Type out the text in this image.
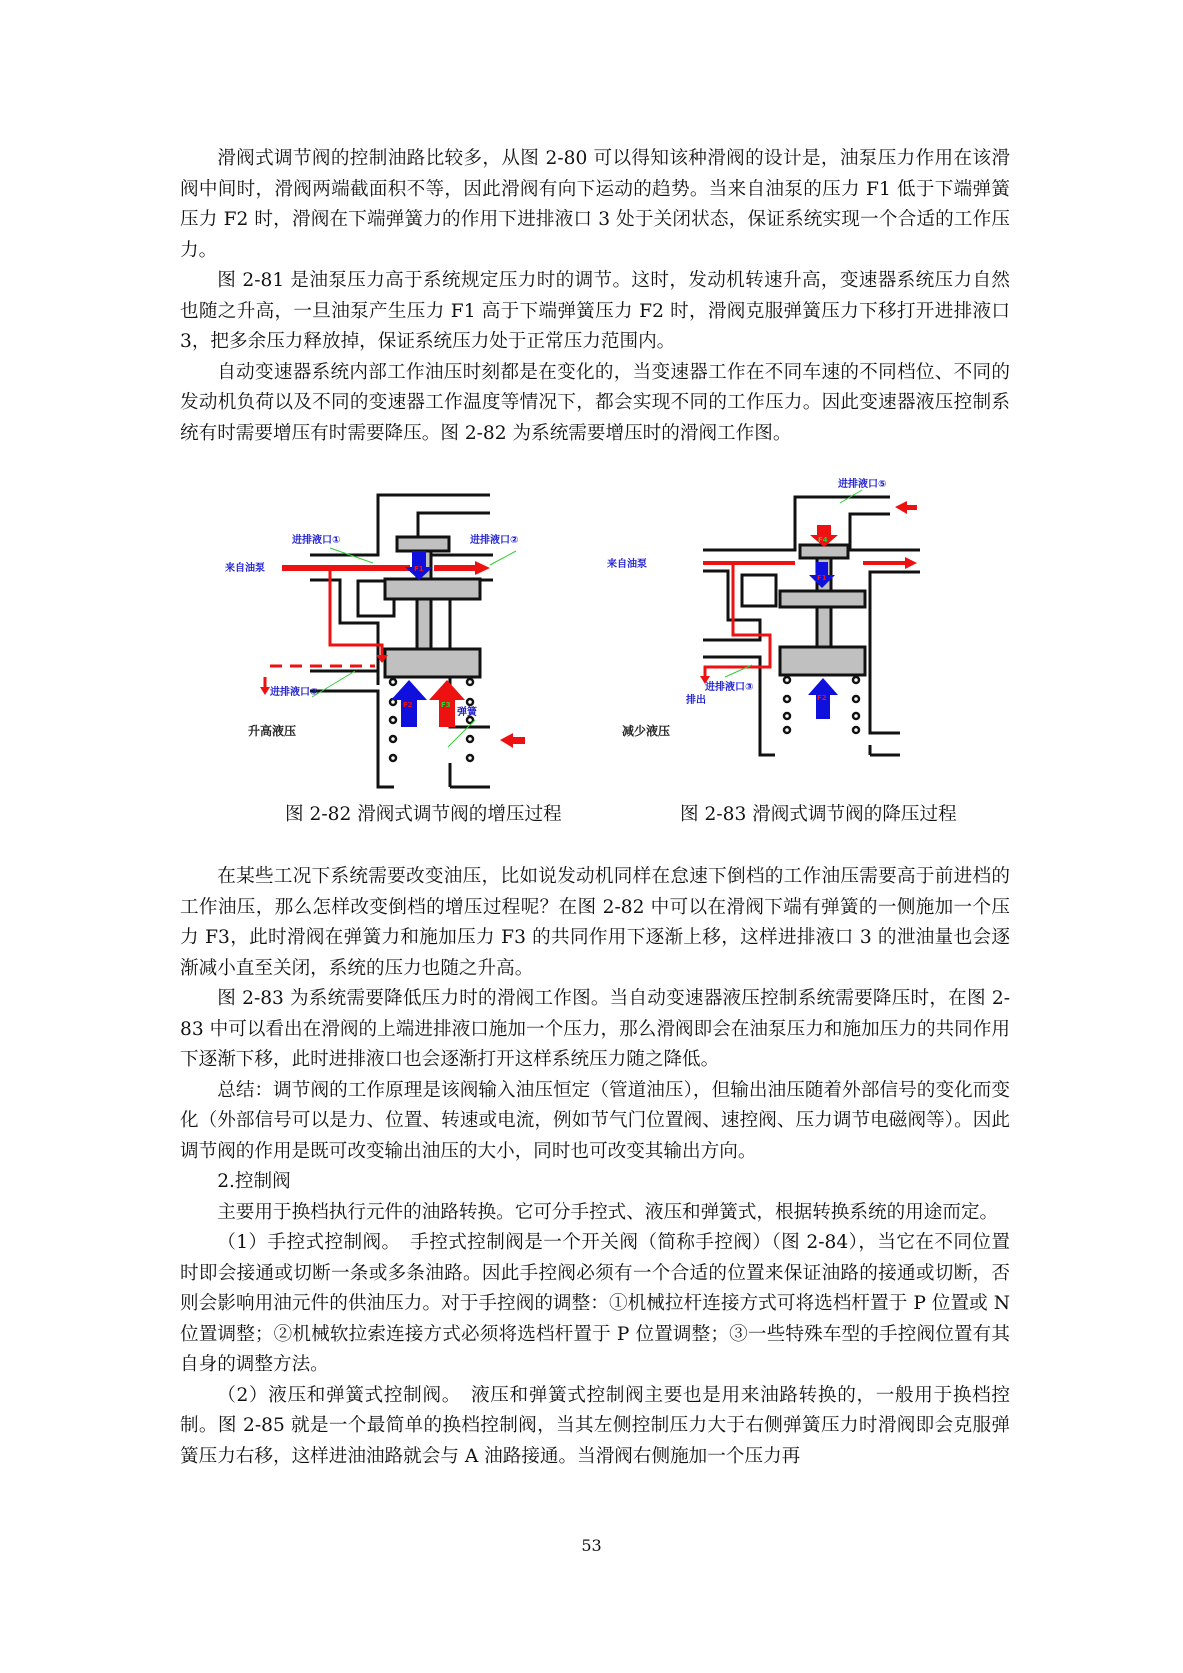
滑阀式调节阀的控制油路比较多，从图 2-80 可以得知该种滑阀的设计是，油泵压力作用在该滑阀中间时，滑阀两端截面积不等，因此滑阀有向下运动的趋势。当来自油泵的压力 F1 低于下端弹簧压力 F2 时，滑阀在下端弹簧力的作用下进排液口 3 处于关闭状态，保证系统实现一个合适的工作压力。

图 2-81 是油泵压力高于系统规定压力时的调节。这时，发动机转速升高，变速器系统压力自然也随之升高，一旦油泵产生压力 F1 高于下端弹簧压力 F2 时，滑阀克服弹簧压力下移打开进排液口 3，把多余压力释放掉，保证系统压力处于正常压力范围内。

自动变速器系统内部工作油压时刻都是在变化的，当变速器工作在不同车速的不同档位、不同的发动机负荷以及不同的变速器工作温度等情况下，都会实现不同的工作压力。因此变速器液压控制系统有时需要增压有时需要降压。图 2-82 为系统需要增压时的滑阀工作图。

F1
F2	F3
进排液口①	进排液口②
来自油泵
进排液口③
弹簧
升高液压
F4
F1
F2
进排液口⑤
来自油泵
进排液口③
排出
减少液压
图 2-82 滑阀式调节阀的增压过程	图 2-83 滑阀式调节阀的降压过程

在某些工况下系统需要改变油压，比如说发动机同样在怠速下倒档的工作油压需要高于前进档的工作油压，那么怎样改变倒档的增压过程呢？在图 2-82 中可以在滑阀下端有弹簧的一侧施加一个压力 F3，此时滑阀在弹簧力和施加压力 F3 的共同作用下逐渐上移，这样进排液口 3 的泄油量也会逐渐减小直至关闭，系统的压力也随之升高。

图 2-83 为系统需要降低压力时的滑阀工作图。当自动变速器液压控制系统需要降压时，在图 2-83 中可以看出在滑阀的上端进排液口施加一个压力，那么滑阀即会在油泵压力和施加压力的共同作用下逐渐下移，此时进排液口也会逐渐打开这样系统压力随之降低。

总结：调节阀的工作原理是该阀输入油压恒定（管道油压），但输出油压随着外部信号的变化而变化（外部信号可以是力、位置、转速或电流，例如节气门位置阀、速控阀、压力调节电磁阀等）。因此调节阀的作用是既可改变输出油压的大小，同时也可改变其输出方向。

2.控制阀

主要用于换档执行元件的油路转换。它可分手控式、液压和弹簧式，根据转换系统的用途而定。

（1）手控式控制阀。　手控式控制阀是一个开关阀（简称手控阀）（图 2-84），当它在不同位置时即会接通或切断一条或多条油路。因此手控阀必须有一个合适的位置来保证油路的接通或切断，否则会影响用油元件的供油压力。对于手控阀的调整：①机械拉杆连接方式可将选档杆置于 P 位置或 N 位置调整；②机械软拉索连接方式必须将选档杆置于 P 位置调整；③一些特殊车型的手控阀位置有其自身的调整方法。

（2）液压和弹簧式控制阀。　液压和弹簧式控制阀主要也是用来油路转换的，一般用于换档控制。图 2-85 就是一个最简单的换档控制阀，当其左侧控制压力大于右侧弹簧压力时滑阀即会克服弹簧压力右移，这样进油油路就会与 A 油路接通。当滑阀右侧施加一个压力再

53
